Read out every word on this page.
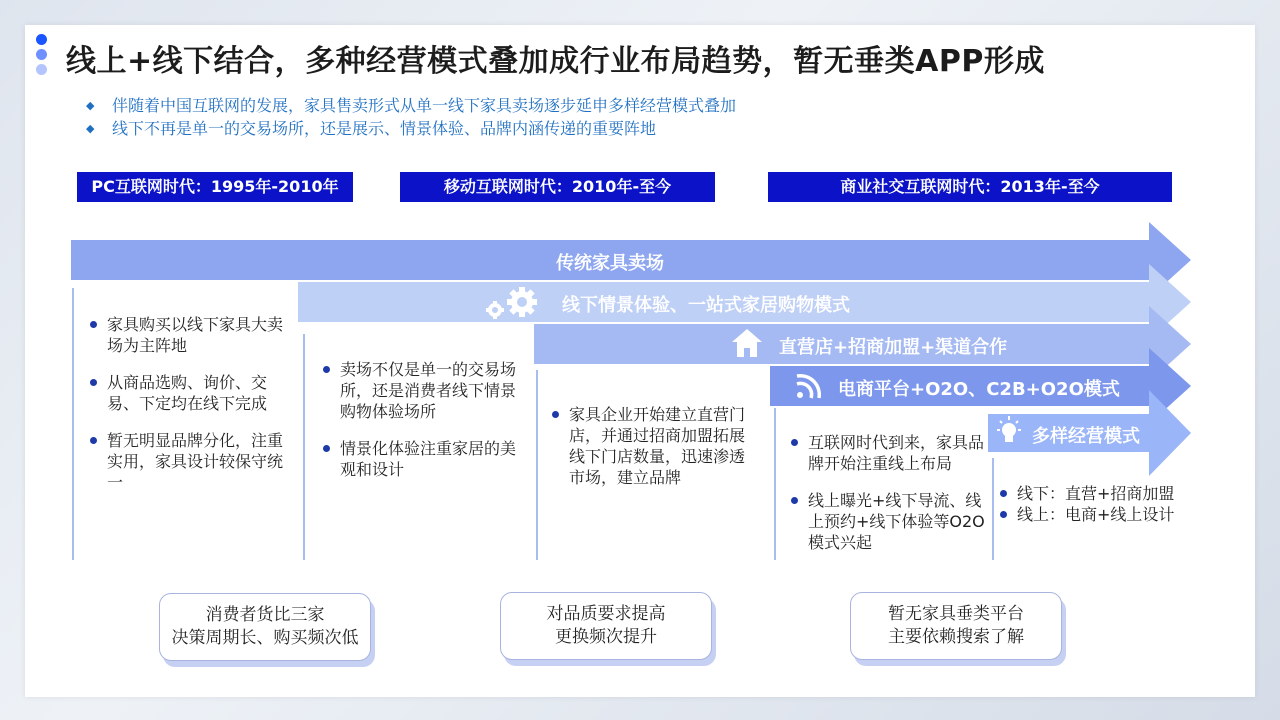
线上+线下结合，多种经营模式叠加成行业布局趋势，暂无垂类APP形成
◆ 伴随着中国互联网的发展，家具售卖形式从单一线下家具卖场逐步延申多样经营模式叠加
◆ 线下不再是单一的交易场所，还是展示、情景体验、品牌内涵传递的重要阵地
PC互联网时代：1995年-2010年	移动互联网时代：2010年-至今	商业社交互联网时代：2013年-至今
传统家具卖场
线下情景体验、一站式家居购物模式
直营店+招商加盟+渠道合作
电商平台+O2O、C2B+O2O模式
多样经营模式
家具购买以线下家具大卖场为主阵地
从商品选购、询价、交易、下定均在线下完成
暂无明显品牌分化，注重实用，家具设计较保守统一
卖场不仅是单一的交易场所，还是消费者线下情景购物体验场所
情景化体验注重家居的美观和设计
家具企业开始建立直营门店，并通过招商加盟拓展线下门店数量，迅速渗透市场，建立品牌
互联网时代到来，家具品牌开始注重线上布局
线上曝光+线下导流、线上预约+线下体验等O2O模式兴起
线下：直营+招商加盟
线上：电商+线上设计
消费者货比三家
决策周期长、购买频次低
对品质要求提高
更换频次提升
暂无家具垂类平台
主要依赖搜索了解
